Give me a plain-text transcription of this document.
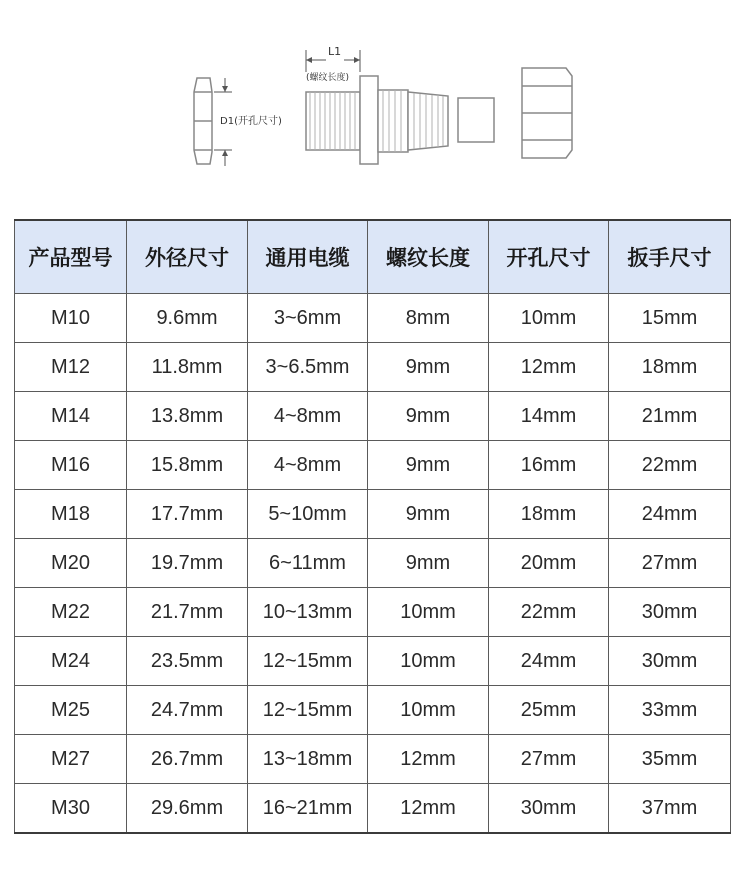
L1
(螺纹长度)
D1(开孔尺寸)
产品型号	外径尺寸	通用电缆	螺纹长度	开孔尺寸	扳手尺寸
M10	9.6mm	3~6mm	8mm	10mm	15mm
M12	11.8mm	3~6.5mm	9mm	12mm	18mm
M14	13.8mm	4~8mm	9mm	14mm	21mm
M16	15.8mm	4~8mm	9mm	16mm	22mm
M18	17.7mm	5~10mm	9mm	18mm	24mm
M20	19.7mm	6~11mm	9mm	20mm	27mm
M22	21.7mm	10~13mm	10mm	22mm	30mm
M24	23.5mm	12~15mm	10mm	24mm	30mm
M25	24.7mm	12~15mm	10mm	25mm	33mm
M27	26.7mm	13~18mm	12mm	27mm	35mm
M30	29.6mm	16~21mm	12mm	30mm	37mm
